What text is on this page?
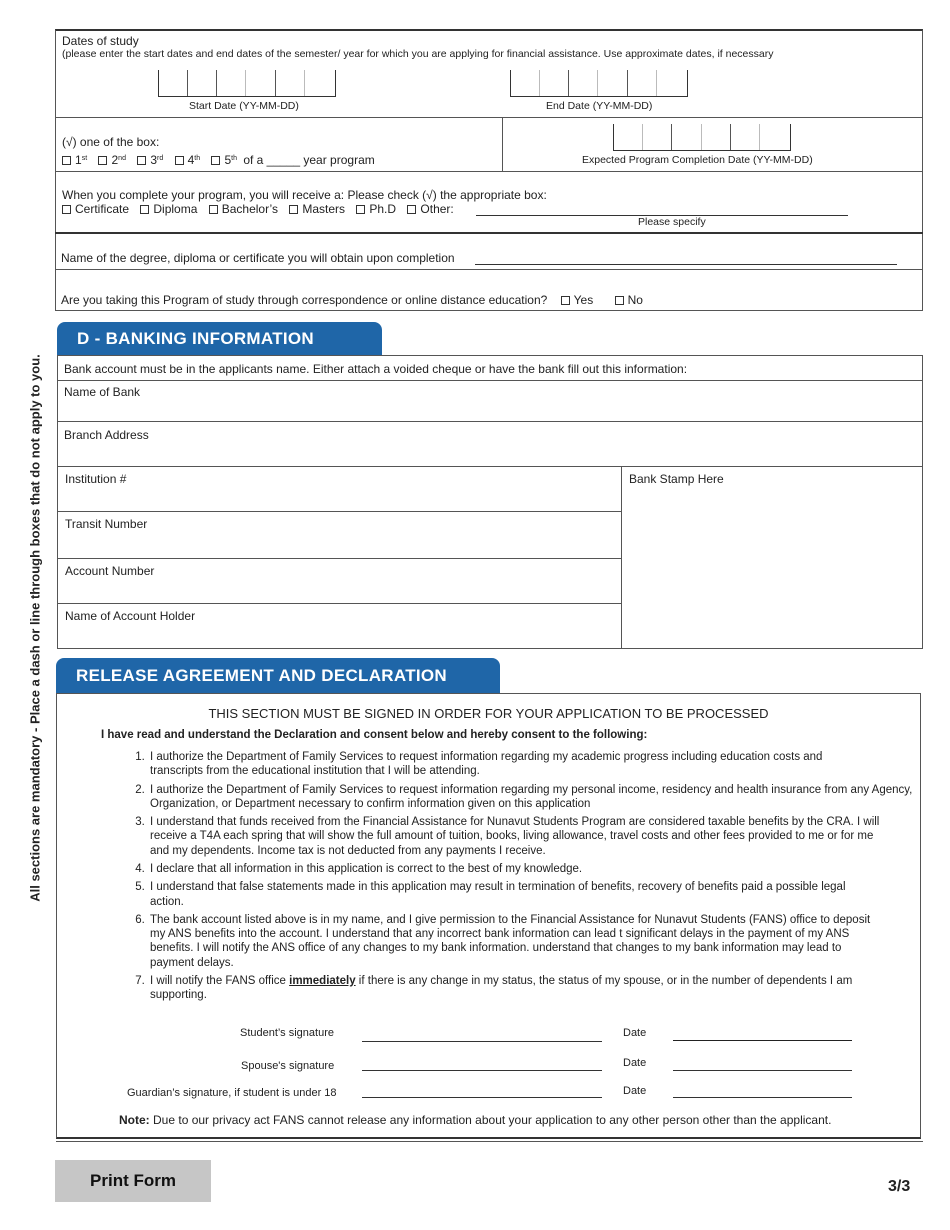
All sections are mandatory - Place a dash or line through boxes that do not apply to you.
Dates of study
(please enter the start dates and end dates of the semester/ year for which you are applying for financial assistance. Use approximate dates, if necessary
Start Date (YY-MM-DD)	End Date (YY-MM-DD)
(√) one of the box:
1st 2nd 3rd 4th 5th of a _____ year program	Expected Program Completion Date (YY-MM-DD)
When you complete your program, you will receive a: Please check (√) the appropriate box:
Certificate Diploma Bachelor’s Masters Ph.D Other:
Please specify
Name of the degree, diploma or certificate you will obtain upon completion
Are you taking this Program of study through correspondence or online distance education? Yes	No
D - BANKING INFORMATION
Bank account must be in the applicants name. Either attach a voided cheque or have the bank fill out this information:
Name of Bank
Branch Address
Institution #	Bank Stamp Here
Transit Number
Account Number
Name of Account Holder
RELEASE AGREEMENT AND DECLARATION
THIS SECTION MUST BE SIGNED IN ORDER FOR YOUR APPLICATION TO BE PROCESSED
I have read and understand the Declaration and consent below and hereby consent to the following:
1. I authorize the Department of Family Services to request information regarding my academic progress including education costs and transcripts from the educational institution that I will be attending.
2. I authorize the Department of Family Services to request information regarding my personal income, residency and health insurance from any Agency, Organization, or Department necessary to confirm information given on this application
3. I understand that funds received from the Financial Assistance for Nunavut Students Program are considered taxable benefits by the CRA. I will receive a T4A each spring that will show the full amount of tuition, books, living allowance, travel costs and other fees provided to me or for me and my dependents. Income tax is not deducted from any payments I receive.
4. I declare that all information in this application is correct to the best of my knowledge.
5. I understand that false statements made in this application may result in termination of benefits, recovery of benefits paid a possible legal action.
6. The bank account listed above is in my name, and I give permission to the Financial Assistance for Nunavut Students (FANS) office to deposit my ANS benefits into the account. I understand that any incorrect bank information can lead t significant delays in the payment of my ANS benefits. I will notify the ANS office of any changes to my bank information. understand that changes to my bank information may lead to payment delays.
7. I will notify the FANS office immediately if there is any change in my status, the status of my spouse, or in the number of dependents I am supporting.
Student’s signature	Date
Spouse's signature	Date
Guardian’s signature, if student is under 18	Date
Note: Due to our privacy act FANS cannot release any information about your application to any other person other than the applicant.
Print Form	3/3
